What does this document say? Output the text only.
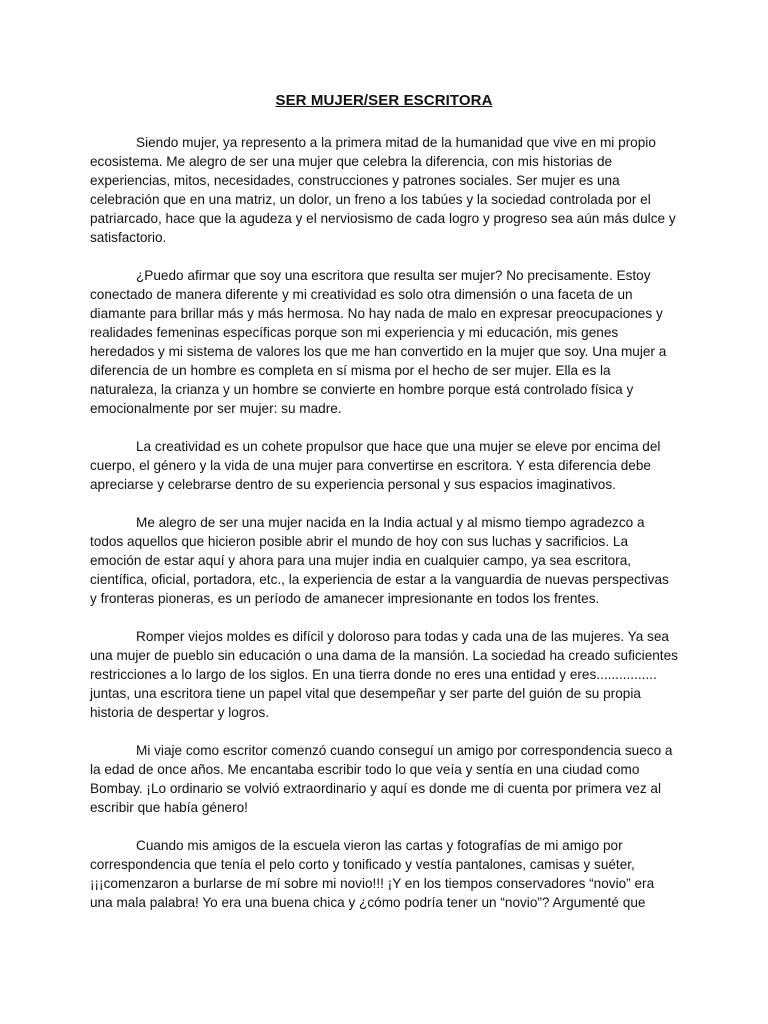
SER MUJER/SER ESCRITORA

Siendo mujer, ya represento a la primera mitad de la humanidad que vive en mi propio ecosistema. Me alegro de ser una mujer que celebra la diferencia, con mis historias de experiencias, mitos, necesidades, construcciones y patrones sociales. Ser mujer es una celebración que en una matriz, un dolor, un freno a los tabúes y la sociedad controlada por el patriarcado, hace que la agudeza y el nerviosismo de cada logro y progreso sea aún más dulce y satisfactorio.

¿Puedo afirmar que soy una escritora que resulta ser mujer? No precisamente. Estoy conectado de manera diferente y mi creatividad es solo otra dimensión o una faceta de un diamante para brillar más y más hermosa. No hay nada de malo en expresar preocupaciones y realidades femeninas específicas porque son mi experiencia y mi educación, mis genes heredados y mi sistema de valores los que me han convertido en la mujer que soy. Una mujer a diferencia de un hombre es completa en sí misma por el hecho de ser mujer. Ella es la naturaleza, la crianza y un hombre se convierte en hombre porque está controlado física y emocionalmente por ser mujer: su madre.

La creatividad es un cohete propulsor que hace que una mujer se eleve por encima del cuerpo, el género y la vida de una mujer para convertirse en escritora. Y esta diferencia debe apreciarse y celebrarse dentro de su experiencia personal y sus espacios imaginativos.

Me alegro de ser una mujer nacida en la India actual y al mismo tiempo agradezco a todos aquellos que hicieron posible abrir el mundo de hoy con sus luchas y sacrificios. La emoción de estar aquí y ahora para una mujer india en cualquier campo, ya sea escritora, científica, oficial, portadora, etc., la experiencia de estar a la vanguardia de nuevas perspectivas y fronteras pioneras, es un período de amanecer impresionante en todos los frentes.

Romper viejos moldes es difícil y doloroso para todas y cada una de las mujeres. Ya sea una mujer de pueblo sin educación o una dama de la mansión. La sociedad ha creado suficientes restricciones a lo largo de los siglos. En una tierra donde no eres una entidad y eres................ juntas, una escritora tiene un papel vital que desempeñar y ser parte del guión de su propia historia de despertar y logros.

Mi viaje como escritor comenzó cuando conseguí un amigo por correspondencia sueco a la edad de once años. Me encantaba escribir todo lo que veía y sentía en una ciudad como Bombay. ¡Lo ordinario se volvió extraordinario y aquí es donde me di cuenta por primera vez al escribir que había género!

Cuando mis amigos de la escuela vieron las cartas y fotografías de mi amigo por correspondencia que tenía el pelo corto y tonificado y vestía pantalones, camisas y suéter, ¡¡¡comenzaron a burlarse de mí sobre mi novio!!! ¡Y en los tiempos conservadores “novio” era una mala palabra! Yo era una buena chica y ¿cómo podría tener un “novio”? Argumenté que
